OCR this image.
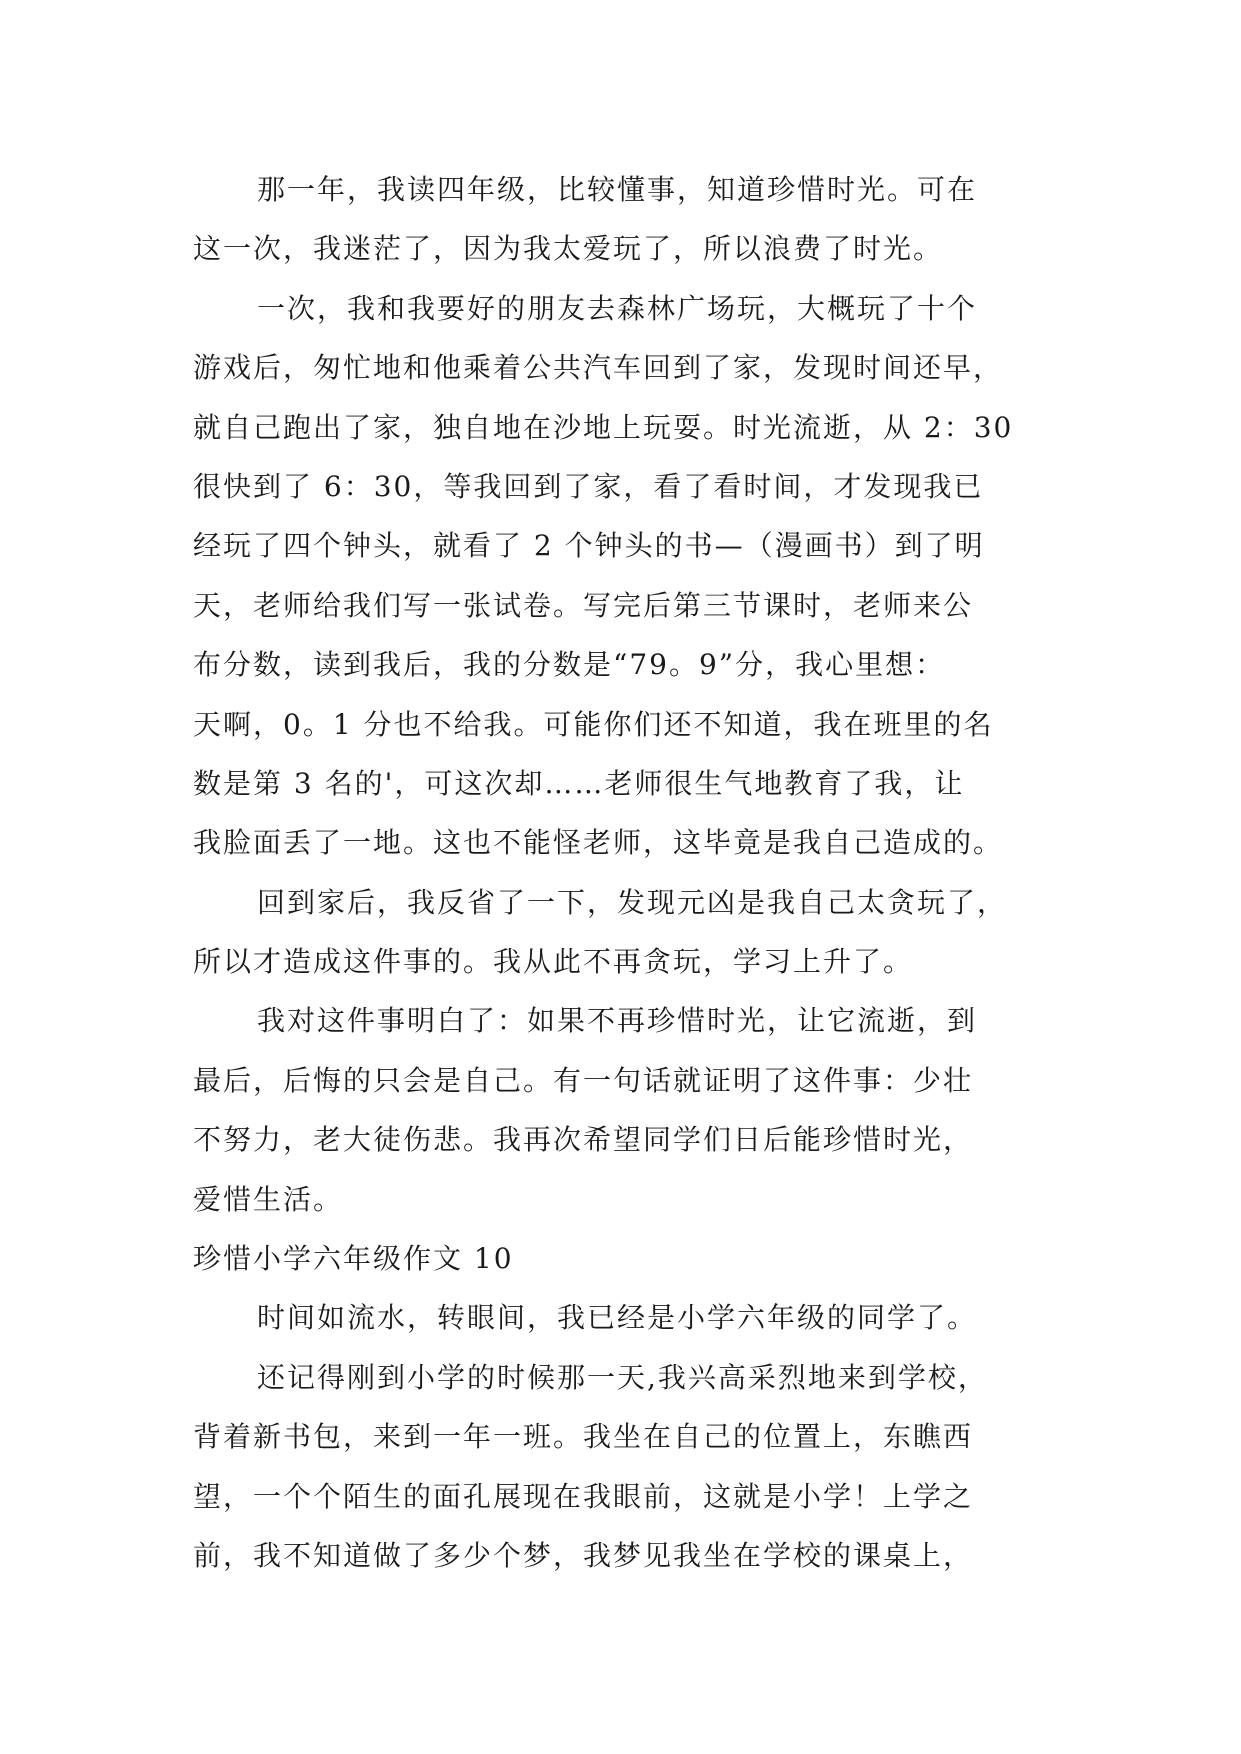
那一年，我读四年级，比较懂事，知道珍惜时光。可在
这一次，我迷茫了，因为我太爱玩了，所以浪费了时光。
一次，我和我要好的朋友去森林广场玩，大概玩了十个
游戏后，匆忙地和他乘着公共汽车回到了家，发现时间还早，
就自己跑出了家，独自地在沙地上玩耍。时光流逝，从 2：30
很快到了 6：30，等我回到了家，看了看时间，才发现我已
经玩了四个钟头，就看了 2 个钟头的书—（漫画书）到了明
天，老师给我们写一张试卷。写完后第三节课时，老师来公
布分数，读到我后，我的分数是“79。9”分，我心里想：
天啊，0。1 分也不给我。可能你们还不知道，我在班里的名
数是第 3 名的'，可这次却……老师很生气地教育了我，让
我脸面丢了一地。这也不能怪老师，这毕竟是我自己造成的。
回到家后，我反省了一下，发现元凶是我自己太贪玩了，
所以才造成这件事的。我从此不再贪玩，学习上升了。
我对这件事明白了：如果不再珍惜时光，让它流逝，到
最后，后悔的只会是自己。有一句话就证明了这件事：少壮
不努力，老大徒伤悲。我再次希望同学们日后能珍惜时光，
爱惜生活。
珍惜小学六年级作文 10
时间如流水，转眼间，我已经是小学六年级的同学了。
还记得刚到小学的时候那一天,我兴高采烈地来到学校，
背着新书包，来到一年一班。我坐在自己的位置上，东瞧西
望，一个个陌生的面孔展现在我眼前，这就是小学！上学之
前，我不知道做了多少个梦，我梦见我坐在学校的课桌上，
